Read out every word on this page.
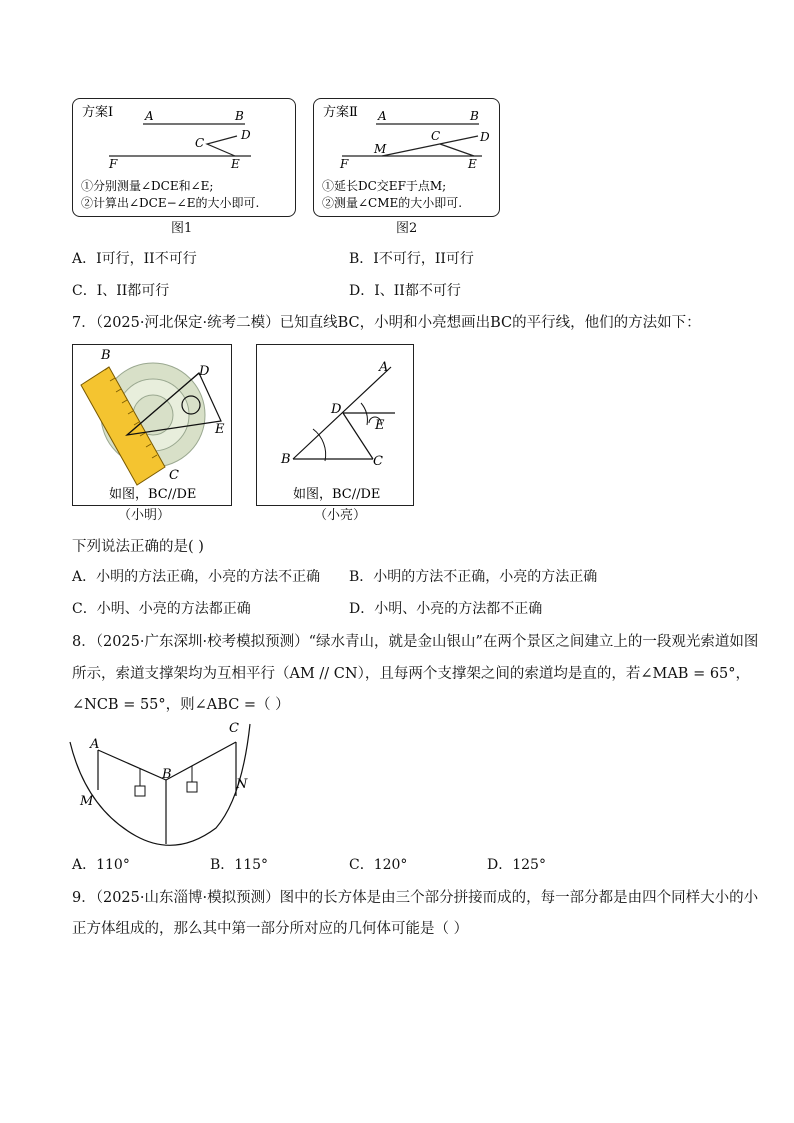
方案Ⅰ	A	B
F
C
D
E
①分别测量∠DCE和∠E;
②计算出∠DCE−∠E的大小即可.
图1
方案Ⅱ A	B
F
M
C	D
E
①延长DC交EF于点M;
②测量∠CME的大小即可.
图2
A．I可行，II不可行	B．I不可行，II可行
C．I、II都可行	D．I、II都不可行
7．（2025·河北保定·统考二模）已知直线BC，小明和小亮想画出BC的平行线，他们的方法如下：
B
D
E
C
如图，BC//DE
（小明）
A
D
E
B	C
如图，BC//DE
（小亮）
下列说法正确的是( )
A．小明的方法正确，小亮的方法不正确 B．小明的方法不正确，小亮的方法正确
C．小明、小亮的方法都正确	D．小明、小亮的方法都不正确
8．（2025·广东深圳·校考模拟预测）“绿水青山，就是金山银山”在两个景区之间建立上的一段观光索道如图
所示，索道支撑架均为互相平行（AM // CN），且每两个支撑架之间的索道均是直的，若∠MAB = 65°，
∠NCB = 55°，则∠ABC =（ ）
A
B
C
M
N
A．110°	B．115°	C．120°	D．125°
9．（2025·山东淄博·模拟预测）图中的长方体是由三个部分拼接而成的，每一部分都是由四个同样大小的小
正方体组成的，那么其中第一部分所对应的几何体可能是（ ）
